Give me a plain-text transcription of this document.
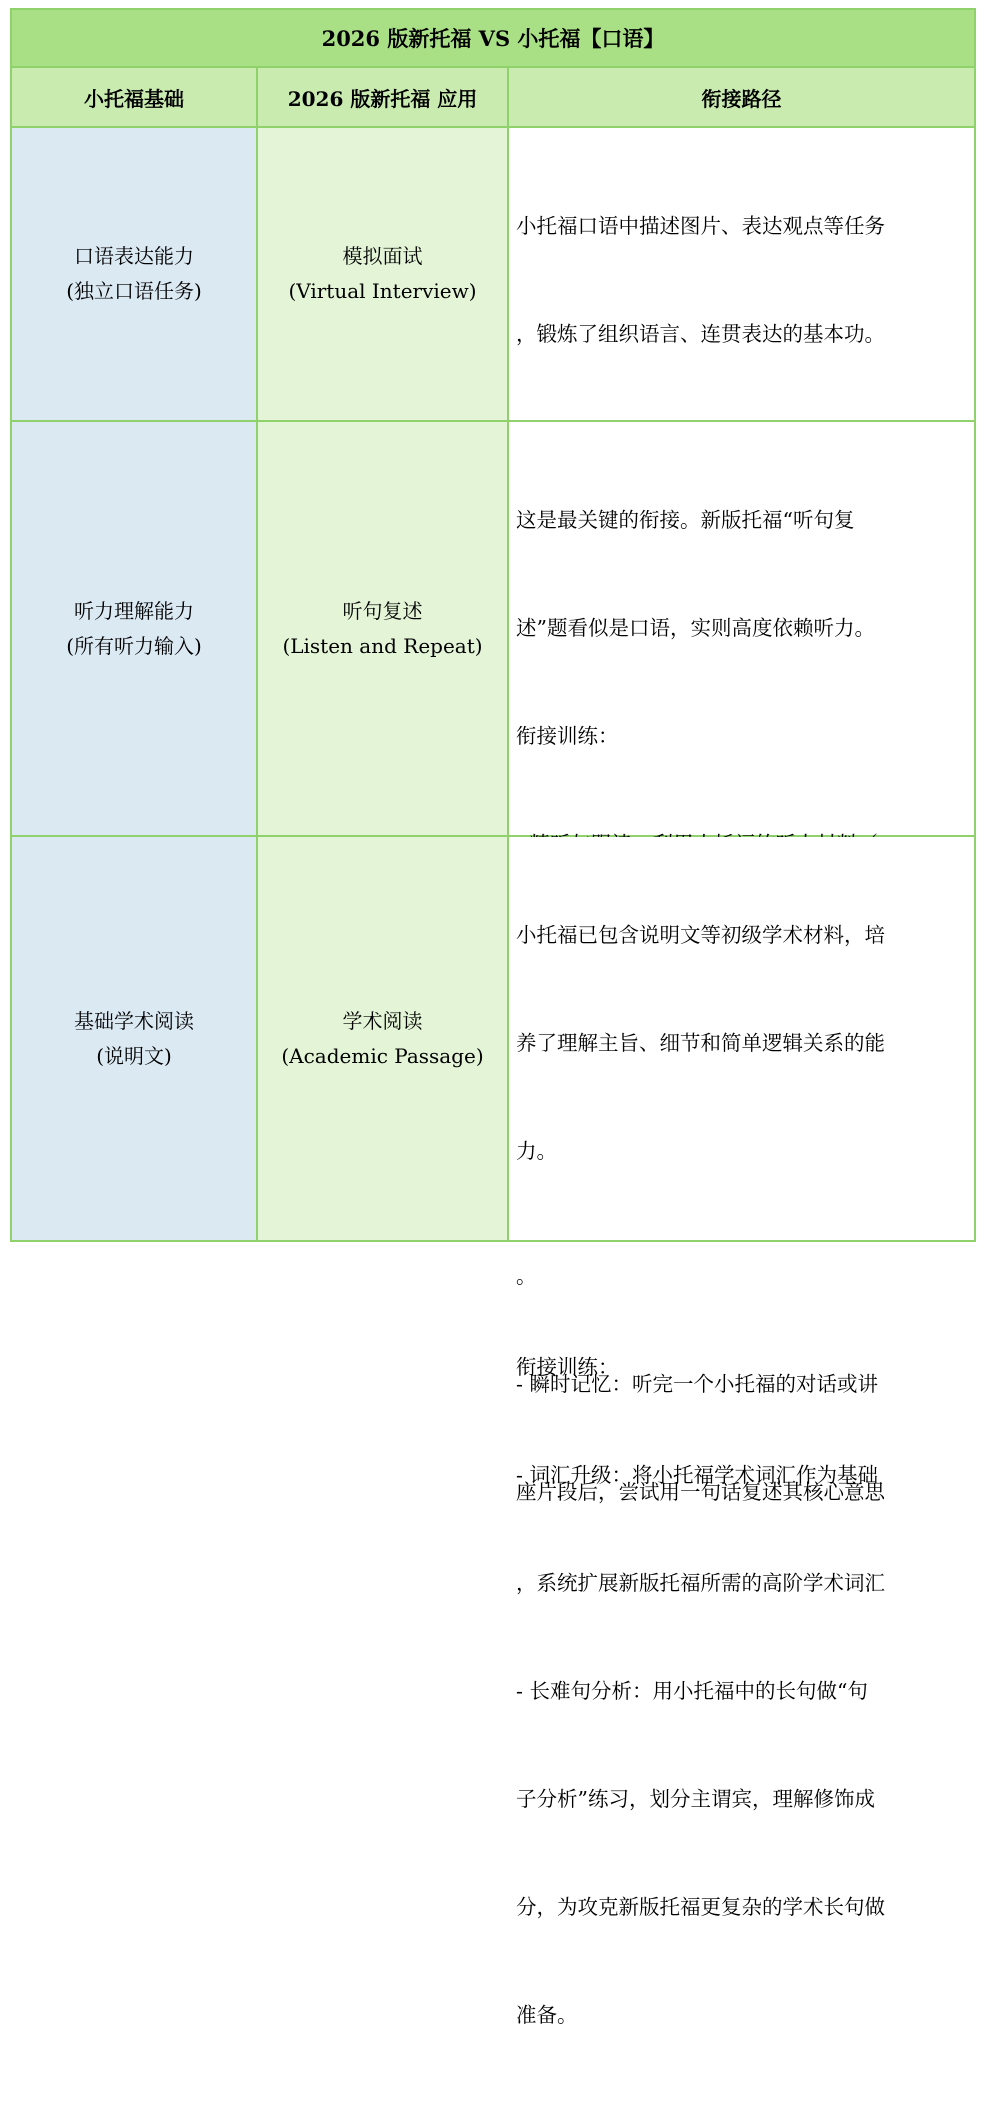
2026 版新托福 VS 小托福【口语】
小托福基础	2026 版新托福 应用	衔接路径
口语表达能力
(独立口语任务)
模拟面试
(Virtual Interview)

小托福口语中描述图片、表达观点等任务

，锻炼了组织语言、连贯表达的基本功。

听力理解能力
(所有听力输入)
听句复述
(Listen and Repeat)

这是最关键的衔接。新版托福“听句复

述”题看似是口语，实则高度依赖听力。

衔接训练：

。

- 瞬时记忆：听完一个小托福的对话或讲

座片段后，尝试用一句话复述其核心意思

基础学术阅读
(说明文)
学术阅读
(Academic Passage)

小托福已包含说明文等初级学术材料，培

养了理解主旨、细节和简单逻辑关系的能

力。

衔接训练：

- 词汇升级：将小托福学术词汇作为基础

，系统扩展新版托福所需的高阶学术词汇

- 长难句分析：用小托福中的长句做“句

子分析”练习，划分主谓宾，理解修饰成

分，为攻克新版托福更复杂的学术长句做

准备。
